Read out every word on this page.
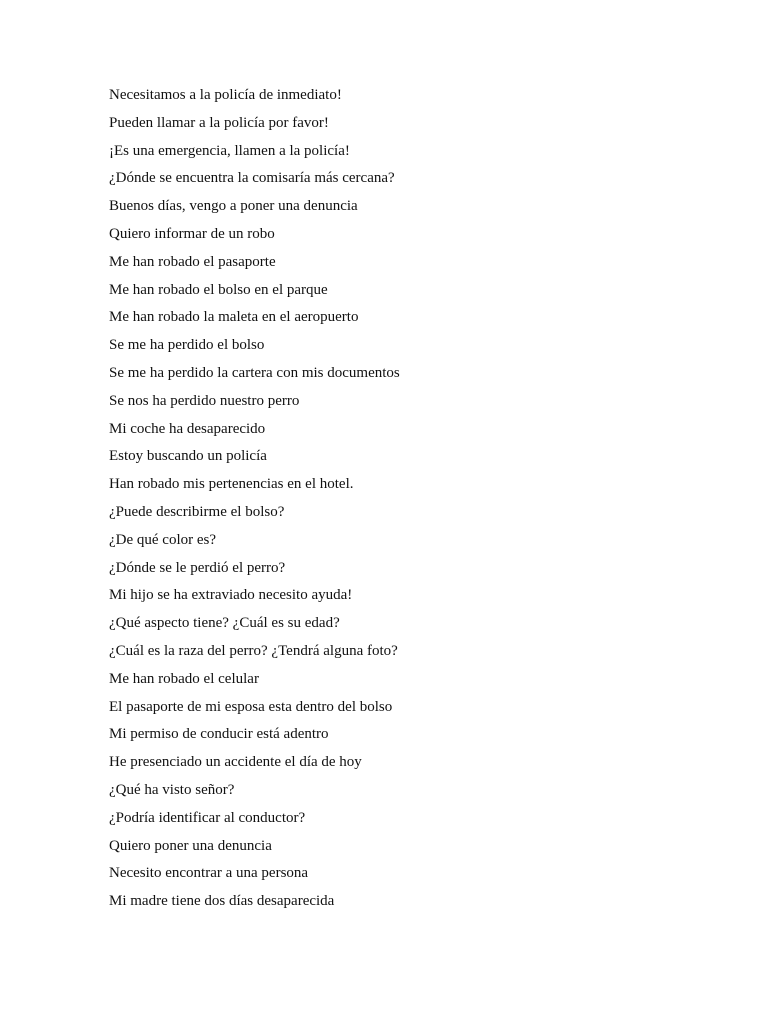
Necesitamos a la policía de inmediato!
Pueden llamar a la policía por favor!
¡Es una emergencia, llamen a la policía!
¿Dónde se encuentra la comisaría más cercana?
Buenos días, vengo a poner una denuncia
Quiero informar de un robo
Me han robado el pasaporte
Me han robado el bolso en el parque
Me han robado la maleta en el aeropuerto
Se me ha perdido el bolso
Se me ha perdido la cartera con mis documentos
Se nos ha perdido nuestro perro
Mi coche ha desaparecido
Estoy buscando un policía
Han robado mis pertenencias en el hotel.
¿Puede describirme el bolso?
¿De qué color es?
¿Dónde se le perdió el perro?
Mi hijo se ha extraviado necesito ayuda!
¿Qué aspecto tiene? ¿Cuál es su edad?
¿Cuál es la raza del perro? ¿Tendrá alguna foto?
Me han robado el celular
El pasaporte de mi esposa esta dentro del bolso
Mi permiso de conducir está adentro
He presenciado un accidente el día de hoy
¿Qué ha visto señor?
¿Podría identificar al conductor?
Quiero poner una denuncia
Necesito encontrar a una persona
Mi madre tiene dos días desaparecida
